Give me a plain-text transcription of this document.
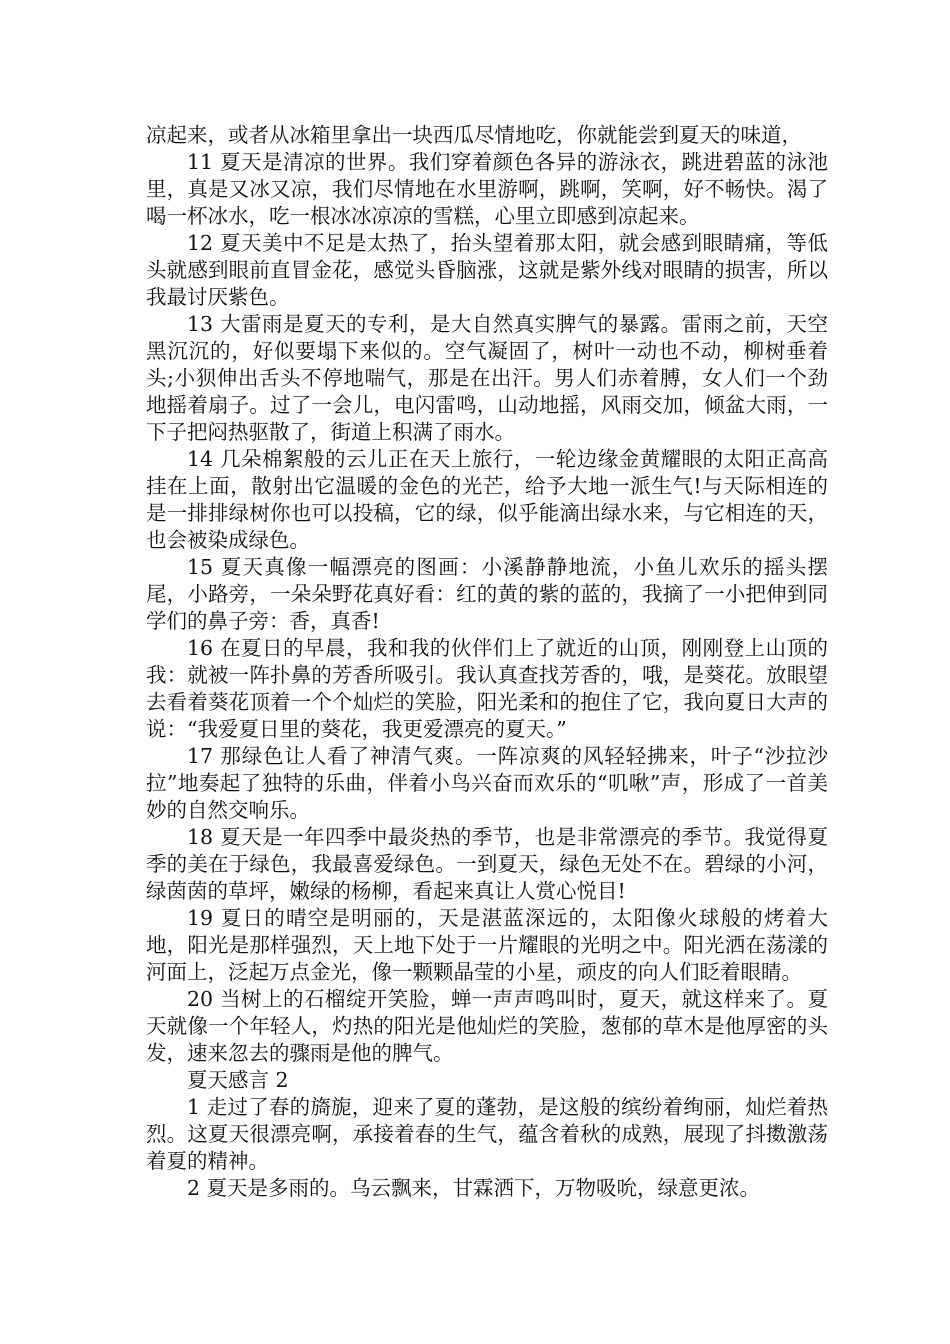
凉起来，或者从冰箱里拿出一块西瓜尽情地吃，你就能尝到夏天的味道，

11 夏天是清凉的世界。我们穿着颜色各异的游泳衣，跳进碧蓝的泳池里，真是又冰又凉，我们尽情地在水里游啊，跳啊，笑啊，好不畅快。渴了喝一杯冰水，吃一根冰冰凉凉的雪糕，心里立即感到凉起来。

12 夏天美中不足是太热了，抬头望着那太阳，就会感到眼睛痛，等低头就感到眼前直冒金花，感觉头昏脑涨，这就是紫外线对眼睛的损害，所以我最讨厌紫色。

13 大雷雨是夏天的专利，是大自然真实脾气的暴露。雷雨之前，天空黑沉沉的，好似要塌下来似的。空气凝固了，树叶一动也不动，柳树垂着头;小狈伸出舌头不停地喘气，那是在出汗。男人们赤着膊，女人们一个劲地摇着扇子。过了一会儿，电闪雷鸣，山动地摇，风雨交加，倾盆大雨，一下子把闷热驱散了，街道上积满了雨水。

14 几朵棉絮般的云儿正在天上旅行，一轮边缘金黄耀眼的太阳正高高挂在上面，散射出它温暖的金色的光芒，给予大地一派生气!与天际相连的是一排排绿树你也可以投稿，它的绿，似乎能滴出绿水来，与它相连的天，也会被染成绿色。

15 夏天真像一幅漂亮的图画：小溪静静地流，小鱼儿欢乐的摇头摆尾，小路旁，一朵朵野花真好看：红的黄的紫的蓝的，我摘了一小把伸到同学们的鼻子旁：香，真香!

16 在夏日的早晨，我和我的伙伴们上了就近的山顶，刚刚登上山顶的我：就被一阵扑鼻的芳香所吸引。我认真查找芳香的，哦，是葵花。放眼望去看着葵花顶着一个个灿烂的笑脸，阳光柔和的抱住了它，我向夏日大声的说：“我爱夏日里的葵花，我更爱漂亮的夏天。”

17 那绿色让人看了神清气爽。一阵凉爽的风轻轻拂来，叶子“沙拉沙拉”地奏起了独特的乐曲，伴着小鸟兴奋而欢乐的“叽啾”声，形成了一首美妙的自然交响乐。

18 夏天是一年四季中最炎热的季节，也是非常漂亮的季节。我觉得夏季的美在于绿色，我最喜爱绿色。一到夏天，绿色无处不在。碧绿的小河，绿茵茵的草坪，嫩绿的杨柳，看起来真让人赏心悦目!

19 夏日的晴空是明丽的，天是湛蓝深远的，太阳像火球般的烤着大地，阳光是那样强烈，天上地下处于一片耀眼的光明之中。阳光洒在荡漾的河面上，泛起万点金光，像一颗颗晶莹的小星，顽皮的向人们眨着眼睛。

20 当树上的石榴绽开笑脸，蝉一声声鸣叫时，夏天，就这样来了。夏天就像一个年轻人，灼热的阳光是他灿烂的笑脸，葱郁的草木是他厚密的头发，速来忽去的骤雨是他的脾气。

夏天感言 2

1 走过了春的旖旎，迎来了夏的蓬勃，是这般的缤纷着绚丽，灿烂着热烈。这夏天很漂亮啊，承接着春的生气，蕴含着秋的成熟，展现了抖擞激荡着夏的精神。

2 夏天是多雨的。乌云飘来，甘霖洒下，万物吸吮，绿意更浓。
